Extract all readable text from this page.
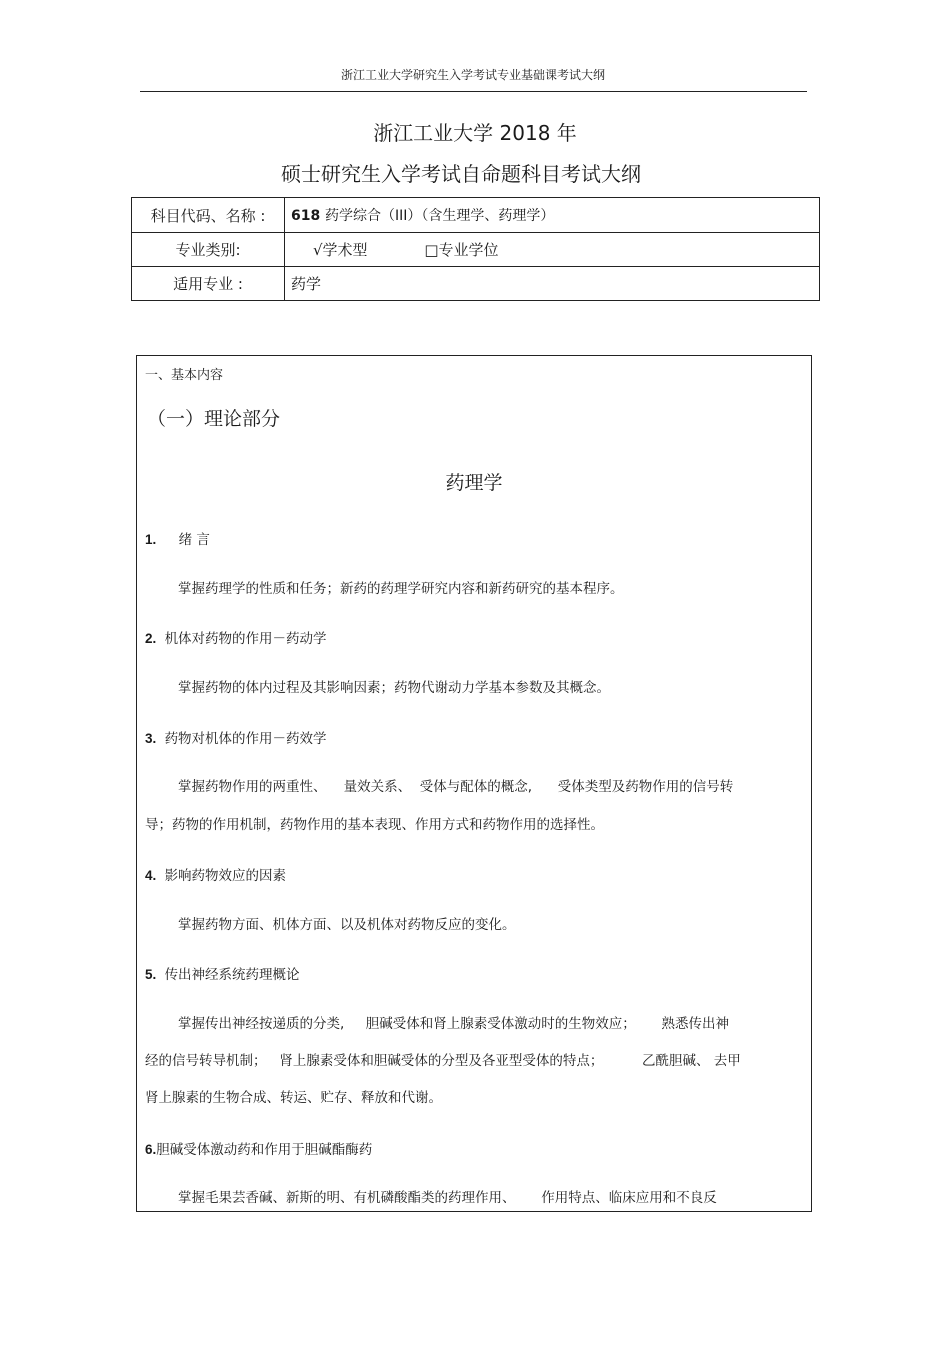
浙江工业大学研究生入学考试专业基础课考试大纲
浙江工业大学 2018 年
硕士研究生入学考试自命题科目考试大纲
科目代码、名称 :	618 药学综合（III）（含生理学、药理学）
专业类别:	√学术型 □专业学位
适用专业 :	药学
一、基本内容
（一）理论部分
药理学
1. 绪 言
掌握药理学的性质和任务；新药的药理学研究内容和新药研究的基本程序。
2. 机体对药物的作用－药动学
掌握药物的体内过程及其影响因素；药物代谢动力学基本参数及其概念。
3. 药物对机体的作用－药效学
掌握药物作用的两重性、    量效关系、  受体与配体的概念,      受体类型及药物作用的信号转
导；药物的作用机制，药物作用的基本表现、作用方式和药物作用的选择性。
4. 影响药物效应的因素
掌握药物方面、机体方面、以及机体对药物反应的变化。
5. 传出神经系统药理概论
掌握传出神经按递质的分类,     胆碱受体和肾上腺素受体激动时的生物效应；      熟悉传出神
经的信号转导机制；   肾上腺素受体和胆碱受体的分型及各亚型受体的特点；         乙酰胆碱、 去甲
肾上腺素的生物合成、转运、贮存、释放和代谢。
6.胆碱受体激动药和作用于胆碱酯酶药
掌握毛果芸香碱、新斯的明、有机磷酸酯类的药理作用、      作用特点、临床应用和不良反
